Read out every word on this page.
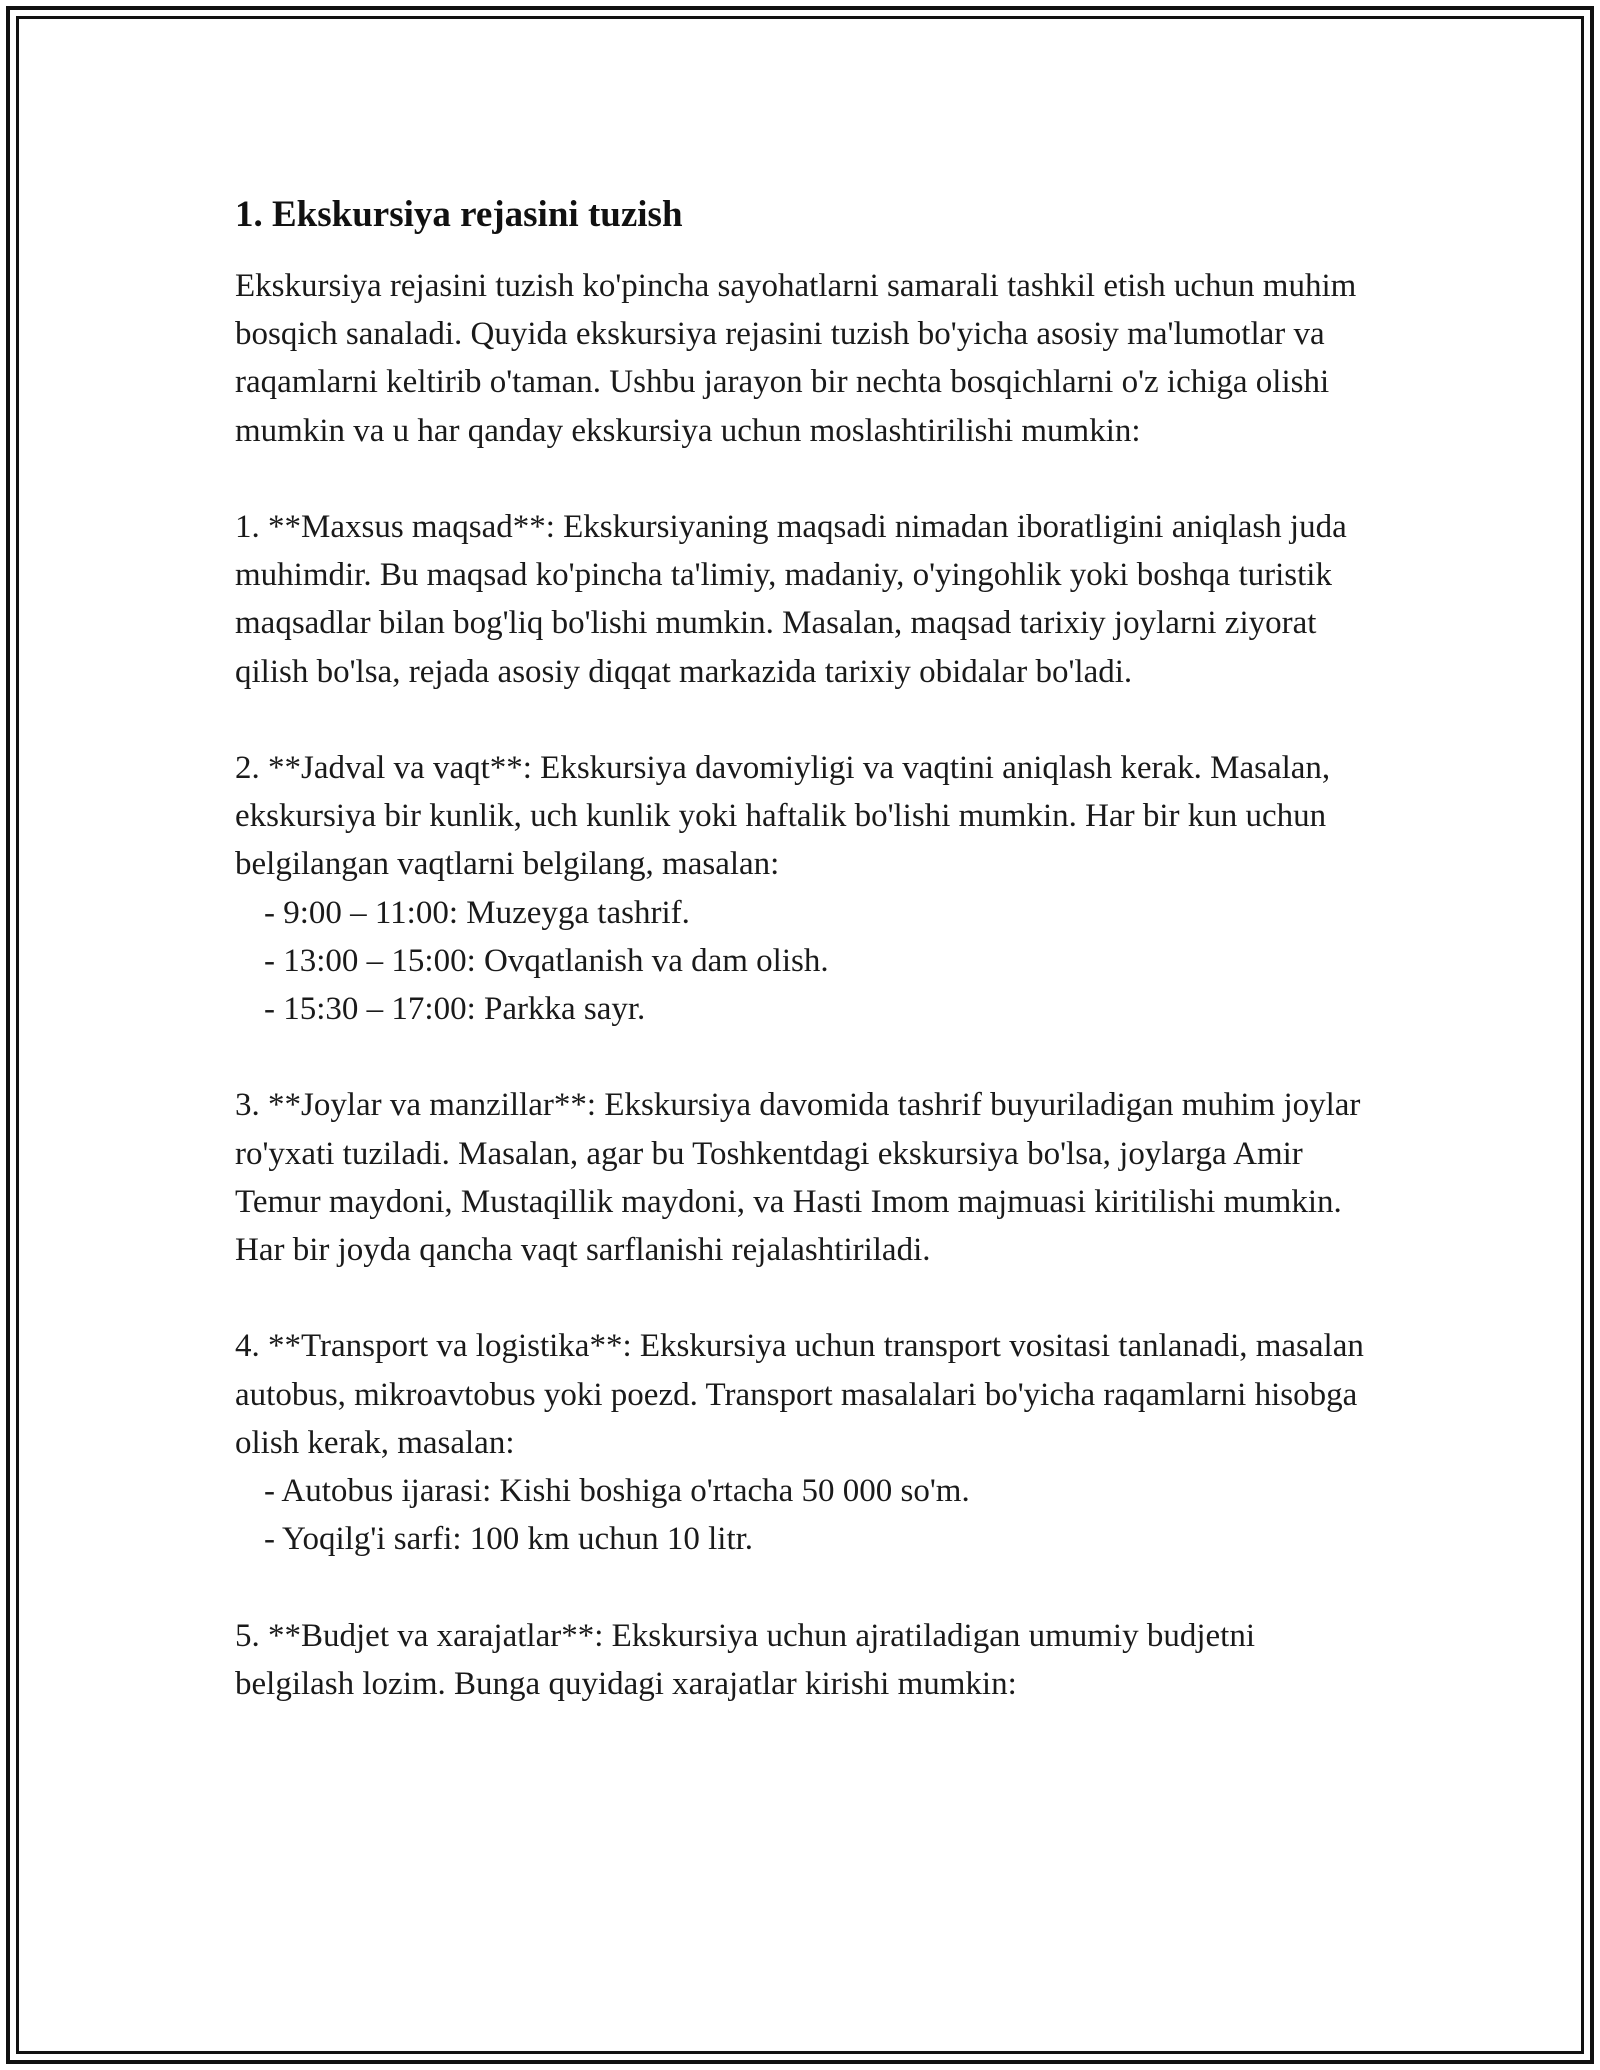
1. Ekskursiya rejasini tuzish

Ekskursiya rejasini tuzish ko'pincha sayohatlarni samarali tashkil etish uchun muhim bosqich sanaladi. Quyida ekskursiya rejasini tuzish bo'yicha asosiy ma'lumotlar va raqamlarni keltirib o'taman. Ushbu jarayon bir nechta bosqichlarni o'z ichiga olishi mumkin va u har qanday ekskursiya uchun moslashtirilishi mumkin:

1. **Maxsus maqsad**: Ekskursiyaning maqsadi nimadan iboratligini aniqlash juda muhimdir. Bu maqsad ko'pincha ta'limiy, madaniy, o'yingohlik yoki boshqa turistik maqsadlar bilan bog'liq bo'lishi mumkin. Masalan, maqsad tarixiy joylarni ziyorat qilish bo'lsa, rejada asosiy diqqat markazida tarixiy obidalar bo'ladi.

2. **Jadval va vaqt**: Ekskursiya davomiyligi va vaqtini aniqlash kerak. Masalan, ekskursiya bir kunlik, uch kunlik yoki haftalik bo'lishi mumkin. Har bir kun uchun belgilangan vaqtlarni belgilang, masalan:

- 9:00 – 11:00: Muzeyga tashrif.

- 13:00 – 15:00: Ovqatlanish va dam olish.

- 15:30 – 17:00: Parkka sayr.

3. **Joylar va manzillar**: Ekskursiya davomida tashrif buyuriladigan muhim joylar ro'yxati tuziladi. Masalan, agar bu Toshkentdagi ekskursiya bo'lsa, joylarga Amir Temur maydoni, Mustaqillik maydoni, va Hasti Imom majmuasi kiritilishi mumkin. Har bir joyda qancha vaqt sarflanishi rejalashtiriladi.

4. **Transport va logistika**: Ekskursiya uchun transport vositasi tanlanadi, masalan autobus, mikroavtobus yoki poezd. Transport masalalari bo'yicha raqamlarni hisobga olish kerak, masalan:

- Autobus ijarasi: Kishi boshiga o'rtacha 50 000 so'm.

- Yoqilg'i sarfi: 100 km uchun 10 litr.

5. **Budjet va xarajatlar**: Ekskursiya uchun ajratiladigan umumiy budjetni belgilash lozim. Bunga quyidagi xarajatlar kirishi mumkin:
